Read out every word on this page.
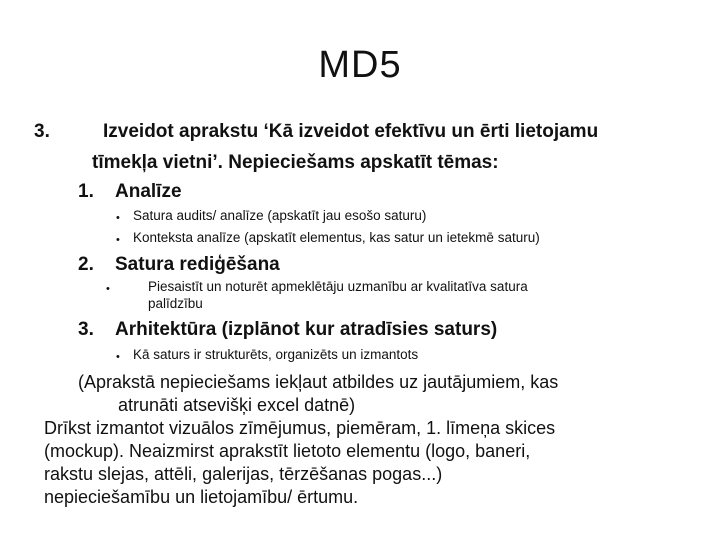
MD5
3.	Izveidot aprakstu ‘Kā izveidot efektīvu un ērti lietojamu
tīmekļa vietni’. Nepieciešams apskatīt tēmas:
1. Analīze
• Satura audits/ analīze (apskatīt jau esošo saturu)
• Konteksta analīze (apskatīt elementus, kas satur un ietekmē saturu)
2. Satura rediģēšana
•	Piesaistīt un noturēt apmeklētāju uzmanību ar kvalitatīva satura
palīdzību
3. Arhitektūra (izplānot kur atradīsies saturs)
• Kā saturs ir strukturēts, organizēts un izmantots
(Aprakstā nepieciešams iekļaut atbildes uz jautājumiem, kas
atrunāti atsevišķi excel datnē)
Drīkst izmantot vizuālos zīmējumus, piemēram, 1. līmeņa skices
(mockup). Neaizmirst aprakstīt lietoto elementu (logo, baneri,
rakstu slejas, attēli, galerijas, tērzēšanas pogas...)
nepieciešamību un lietojamību/ ērtumu.
